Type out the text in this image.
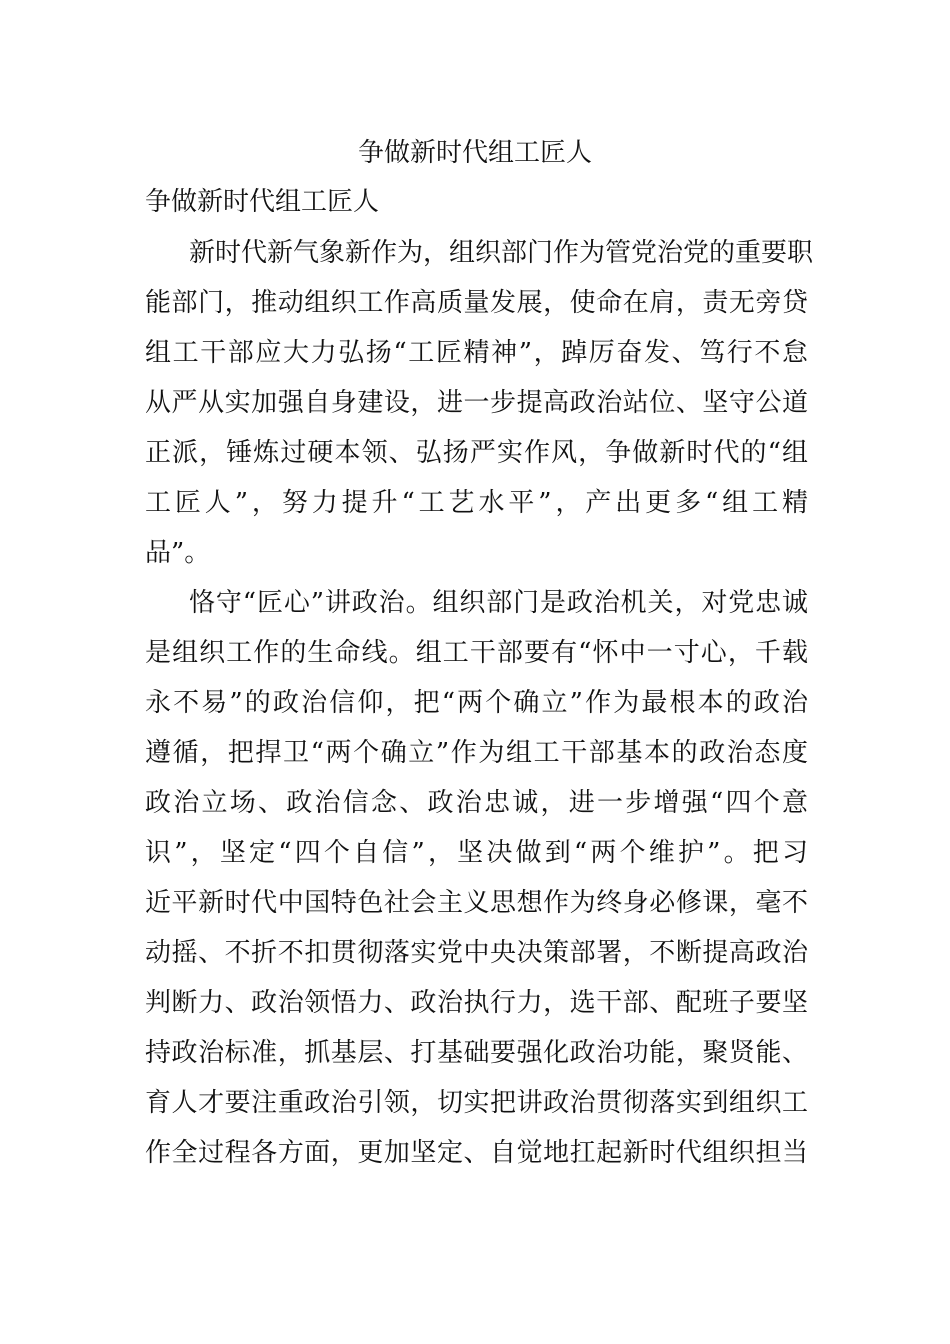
争做新时代组工匠人
争做新时代组工匠人
新时代新气象新作为，组织部门作为管党治党的重要职
能部门，推动组织工作高质量发展，使命在肩，责无旁贷
组工干部应大力弘扬“工匠精神”，踔厉奋发、笃行不怠
从严从实加强自身建设，进一步提高政治站位、坚守公道
正派，锤炼过硬本领、弘扬严实作风，争做新时代的“组
工匠人”，努力提升“工艺水平”，产出更多“组工精
品”。
恪守“匠心”讲政治。组织部门是政治机关，对党忠诚
是组织工作的生命线。组工干部要有“怀中一寸心，千载
永不易”的政治信仰，把“两个确立”作为最根本的政治
遵循，把捍卫“两个确立”作为组工干部基本的政治态度
政治立场、政治信念、政治忠诚，进一步增强“四个意
识”，坚定“四个自信”，坚决做到“两个维护”。把习
近平新时代中国特色社会主义思想作为终身必修课，毫不
动摇、不折不扣贯彻落实党中央决策部署，不断提高政治
判断力、政治领悟力、政治执行力，选干部、配班子要坚
持政治标准，抓基层、打基础要强化政治功能，聚贤能、
育人才要注重政治引领，切实把讲政治贯彻落实到组织工
作全过程各方面，更加坚定、自觉地扛起新时代组织担当
